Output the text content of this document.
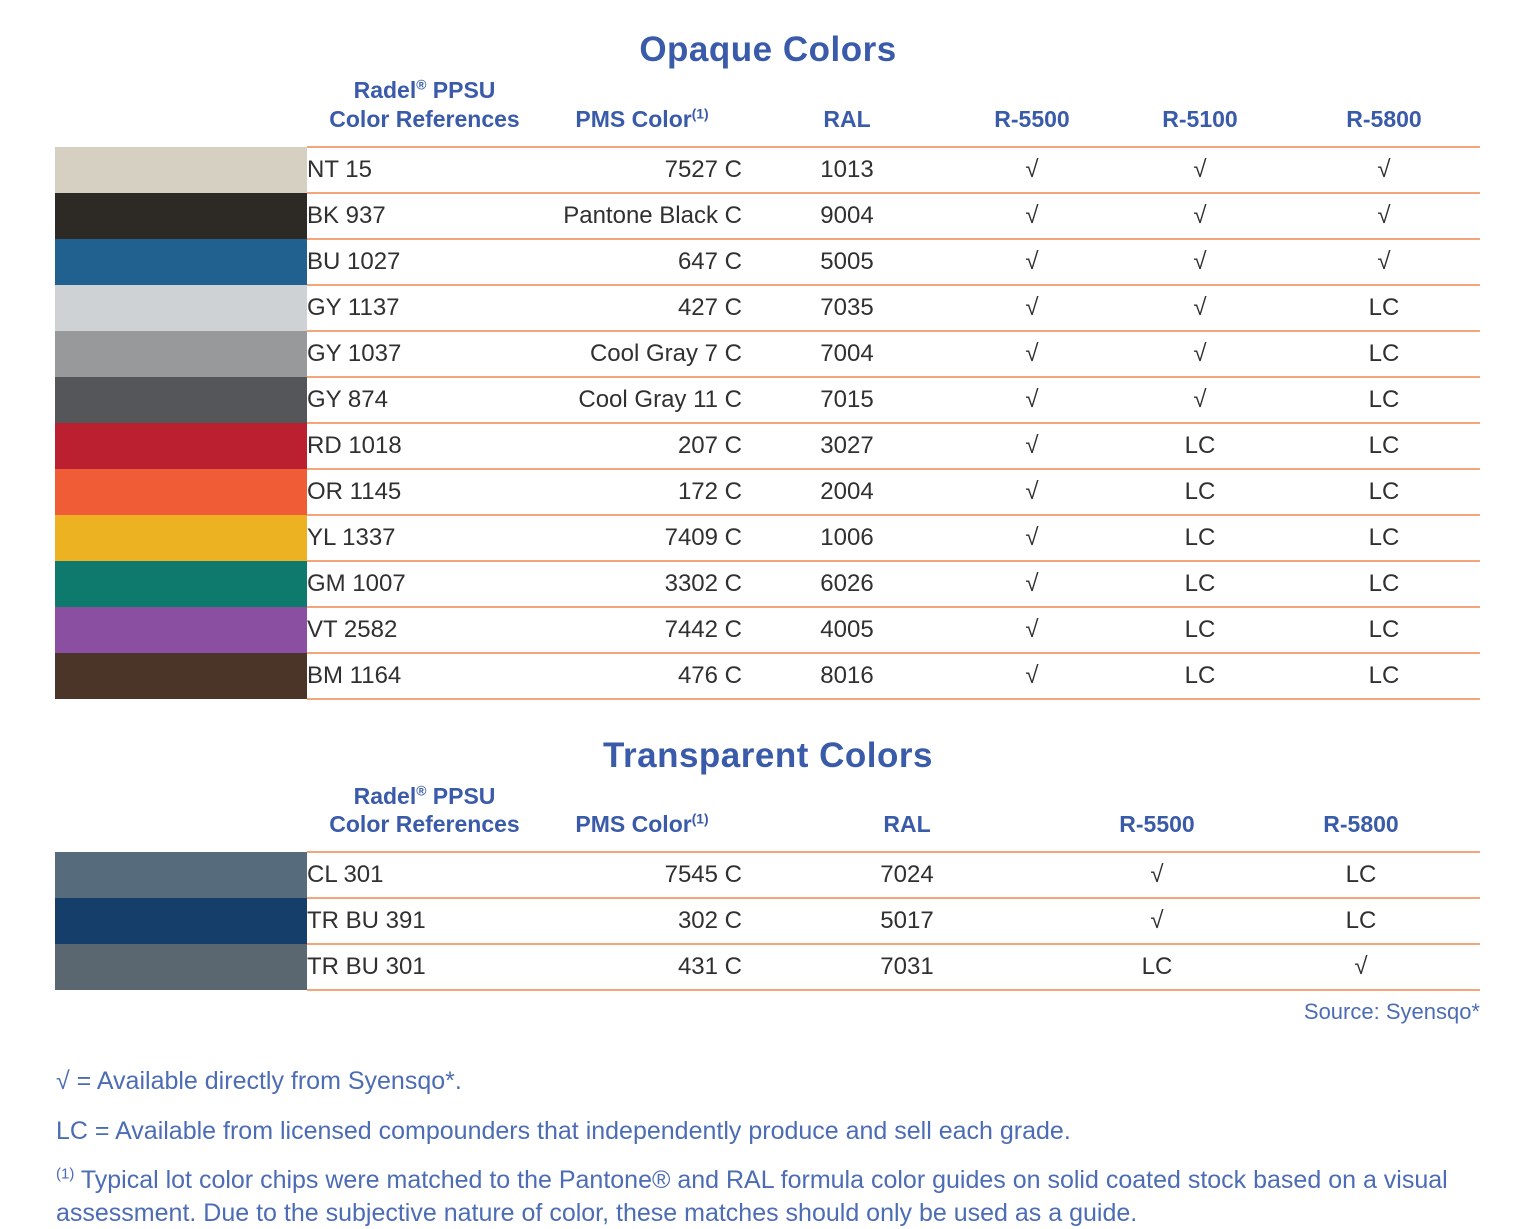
Opaque Colors

	Radel® PPSU
Color References	PMS Color$^{(1)}$	RAL	R-5500	R-5100	R-5800
	NT 15	7527 C	1013	√	√	√
	BK 937	Pantone Black C	9004	√	√	√
	BU 1027	647 C	5005	√	√	√
	GY 1137	427 C	7035	√	√	LC
	GY 1037	Cool Gray 7 C	7004	√	√	LC
	GY 874	Cool Gray 11 C	7015	√	√	LC
	RD 1018	207 C	3027	√	LC	LC
	OR 1145	172 C	2004	√	LC	LC
	YL 1337	7409 C	1006	√	LC	LC
	GM 1007	3302 C	6026	√	LC	LC
	VT 2582	7442 C	4005	√	LC	LC
	BM 1164	476 C	8016	√	LC	LC
Transparent Colors

	Radel® PPSU
Color References	PMS Color$^{(1)}$	RAL	R-5500	R-5800
	CL 301	7545 C	7024	√	LC
	TR BU 391	302 C	5017	√	LC
	TR BU 301	431 C	7031	LC	√
Source: Syensqo*

√ = Available directly from Syensqo*.

LC = Available from licensed compounders that independently produce and sell each grade.

$^{(1)}$ Typical lot color chips were matched to the Pantone® and RAL formula color guides on solid coated stock based on a visual assessment. Due to the subjective nature of color, these matches should only be used as a guide.
